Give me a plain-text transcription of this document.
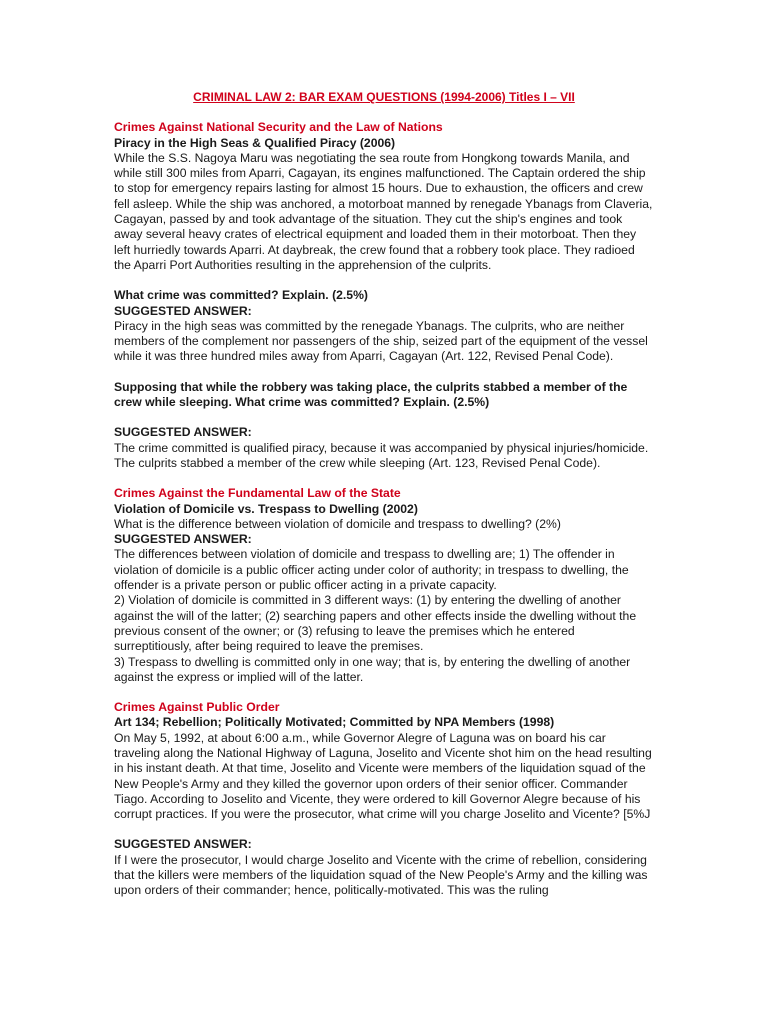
CRIMINAL LAW 2: BAR EXAM QUESTIONS (1994-2006) Titles I – VII

Crimes Against National Security and the Law of Nations

Piracy in the High Seas & Qualified Piracy (2006)

While the S.S. Nagoya Maru was negotiating the sea route from Hongkong towards Manila, and while still 300 miles from Aparri, Cagayan, its engines malfunctioned. The Captain ordered the ship to stop for emergency repairs lasting for almost 15 hours. Due to exhaustion, the officers and crew fell asleep. While the ship was anchored, a motorboat manned by renegade Ybanags from Claveria, Cagayan, passed by and took advantage of the situation. They cut the ship's engines and took away several heavy crates of electrical equipment and loaded them in their motorboat. Then they left hurriedly towards Aparri. At daybreak, the crew found that a robbery took place. They radioed the Aparri Port Authorities resulting in the apprehension of the culprits.

What crime was committed? Explain. (2.5%)

SUGGESTED ANSWER:

Piracy in the high seas was committed by the renegade Ybanags. The culprits, who are neither members of the complement nor passengers of the ship, seized part of the equipment of the vessel while it was three hundred miles away from Aparri, Cagayan (Art. 122, Revised Penal Code).

Supposing that while the robbery was taking place, the culprits stabbed a member of the crew while sleeping. What crime was committed? Explain. (2.5%)

SUGGESTED ANSWER:

The crime committed is qualified piracy, because it was accompanied by physical injuries/homicide. The culprits stabbed a member of the crew while sleeping (Art. 123, Revised Penal Code).

Crimes Against the Fundamental Law of the State

Violation of Domicile vs. Trespass to Dwelling (2002)

What is the difference between violation of domicile and trespass to dwelling? (2%)

SUGGESTED ANSWER:

The differences between violation of domicile and trespass to dwelling are; 1) The offender in violation of domicile is a public officer acting under color of authority; in trespass to dwelling, the offender is a private person or public officer acting in a private capacity.

2) Violation of domicile is committed in 3 different ways: (1) by entering the dwelling of another against the will of the latter; (2) searching papers and other effects inside the dwelling without the previous consent of the owner; or (3) refusing to leave the premises which he entered surreptitiously, after being required to leave the premises.

3) Trespass to dwelling is committed only in one way; that is, by entering the dwelling of another against the express or implied will of the latter.

Crimes Against Public Order

Art 134; Rebellion; Politically Motivated; Committed by NPA Members (1998)

On May 5, 1992, at about 6:00 a.m., while Governor Alegre of Laguna was on board his car traveling along the National Highway of Laguna, Joselito and Vicente shot him on the head resulting in his instant death. At that time, Joselito and Vicente were members of the liquidation squad of the New People's Army and they killed the governor upon orders of their senior officer. Commander Tiago. According to Joselito and Vicente, they were ordered to kill Governor Alegre because of his corrupt practices. If you were the prosecutor, what crime will you charge Joselito and Vicente? [5%J

SUGGESTED ANSWER:

If I were the prosecutor, I would charge Joselito and Vicente with the crime of rebellion, considering that the killers were members of the liquidation squad of the New People's Army and the killing was upon orders of their commander; hence, politically-motivated. This was the ruling
